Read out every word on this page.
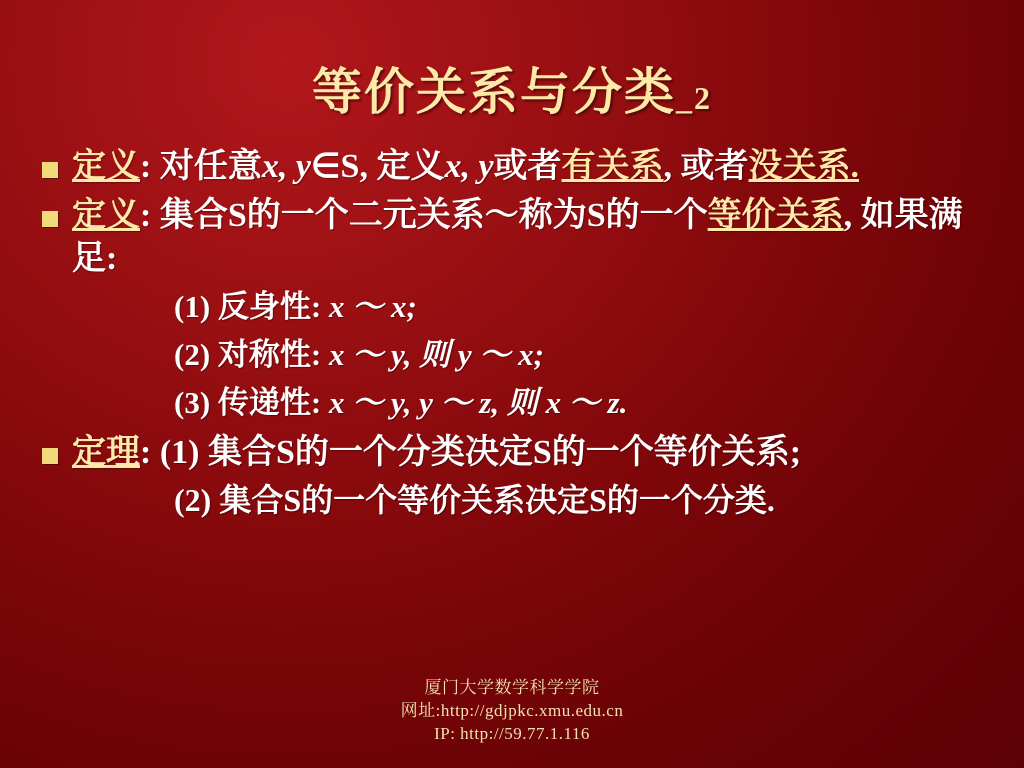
等价关系与分类_2
定义: 对任意x, y∈S, 定义x, y或者有关系, 或者没关系.
定义: 集合S的一个二元关系～称为S的一个等价关系, 如果满足:
(1) 反身性: x ～ x;
(2) 对称性: x ～ y, 则 y ～ x;
(3) 传递性: x ～ y, y ～ z, 则 x ～ z.
定理: (1) 集合S的一个分类决定S的一个等价关系;
(2) 集合S的一个等价关系决定S的一个分类.
厦门大学数学科学学院
网址:http://gdjpkc.xmu.edu.cn
IP: http://59.77.1.116
